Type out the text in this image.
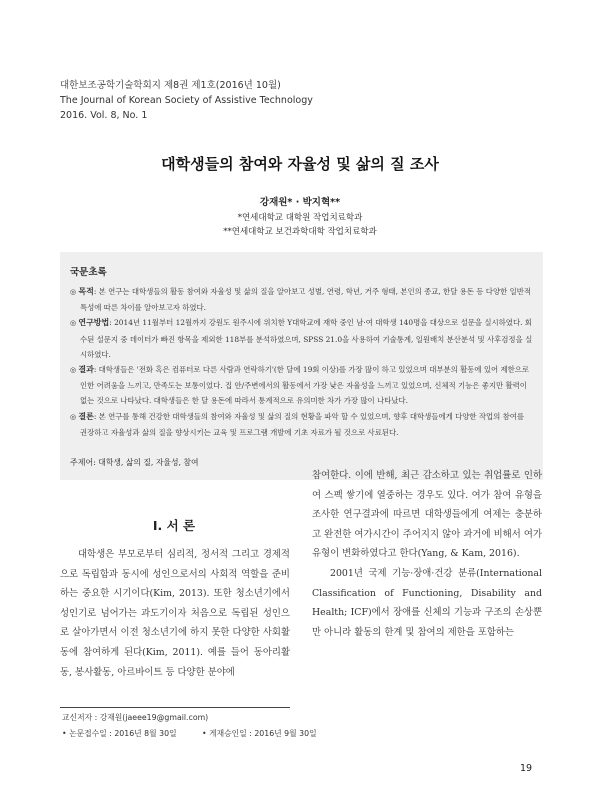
대한보조공학기술학회지 제8권 제1호(2016년 10월)
The Journal of Korean Society of Assistive Technology
2016. Vol. 8, No. 1
대학생들의 참여와 자율성 및 삶의 질 조사
강재원* · 박지혁**
*연세대학교 대학원 작업치료학과
**연세대학교 보건과학대학 작업치료학과
국문초록
◎ 목적: 본 연구는 대학생들의 활동 참여와 자율성 및 삶의 질을 알아보고 성별, 연령, 학년, 거주 형태, 본인의 종교, 한달 용돈 등 다양한 일반적 특성에 따른 차이를 알아보고자 하였다.
◎ 연구방법: 2014년 11월부터 12월까지 강원도 원주시에 위치한 Y대학교에 재학 중인 남·여 대학생 140명을 대상으로 설문을 실시하였다. 회수된 설문지 중 데이터가 빠진 항목을 제외한 118부를 분석하였으며, SPSS 21.0을 사용하여 기술통계, 일원배치 분산분석 및 사후검정을 실시하였다.
◎ 결과: 대학생들은 '전화 혹은 컴퓨터로 다른 사람과 연락하기'(한 달에 19회 이상)를 가장 많이 하고 있었으며 대부분의 활동에 있어 제한으로 인한 어려움을 느끼고, 만족도는 보통이었다. 집 안/주변에서의 활동에서 가장 낮은 자율성을 느끼고 있었으며, 신체적 기능은 좋지만 활력이 없는 것으로 나타났다. 대학생들은 한 달 용돈에 따라서 통계적으로 유의미한 차가 가장 많이 나타났다.
◎ 결론: 본 연구를 통해 건강한 대학생들의 참여와 자율성 및 삶의 질의 현황을 파악 할 수 있었으며, 향후 대학생들에게 다양한 작업의 참여를 권장하고 자율성과 삶의 질을 향상시키는 교육 및 프로그램 개발에 기초 자료가 될 것으로 사료된다.
주제어: 대학생, 삶의 질, 자율성, 참여
I. 서 론
대학생은 부모로부터 심리적, 정서적 그리고 경제적으로 독립함과 동시에 성인으로서의 사회적 역할을 준비하는 중요한 시기이다(Kim, 2013). 또한 청소년기에서 성인기로 넘어가는 과도기이자 처음으로 독립된 성인으로 살아가면서 이전 청소년기에 하지 못한 다양한 사회활동에 참여하게 된다(Kim, 2011). 예를 들어 동아리활동, 봉사활동, 아르바이트 등 다양한 분야에

참여한다. 이에 반해, 최근 감소하고 있는 취업률로 인하여 스펙 쌓기에 열중하는 경우도 있다. 여가 참여 유형을 조사한 연구결과에 따르면 대학생들에게 여제는 충분하고 완전한 여가시간이 주어지지 않아 과거에 비해서 여가 유형이 변화하였다고 한다(Yang, & Kam, 2016).

2001년 국제 기능·장애·건강 분류(International Classification of Functioning, Disability and Health; ICF)에서 장애를 신체의 기능과 구조의 손상뿐만 아니라 활동의 한계 및 참여의 제한을 포함하는

교신저자 : 강재원(jaeee19@gmail.com)
• 논문접수일 : 2016년 8월 30일	• 게재승인일 : 2016년 9월 30일
19
